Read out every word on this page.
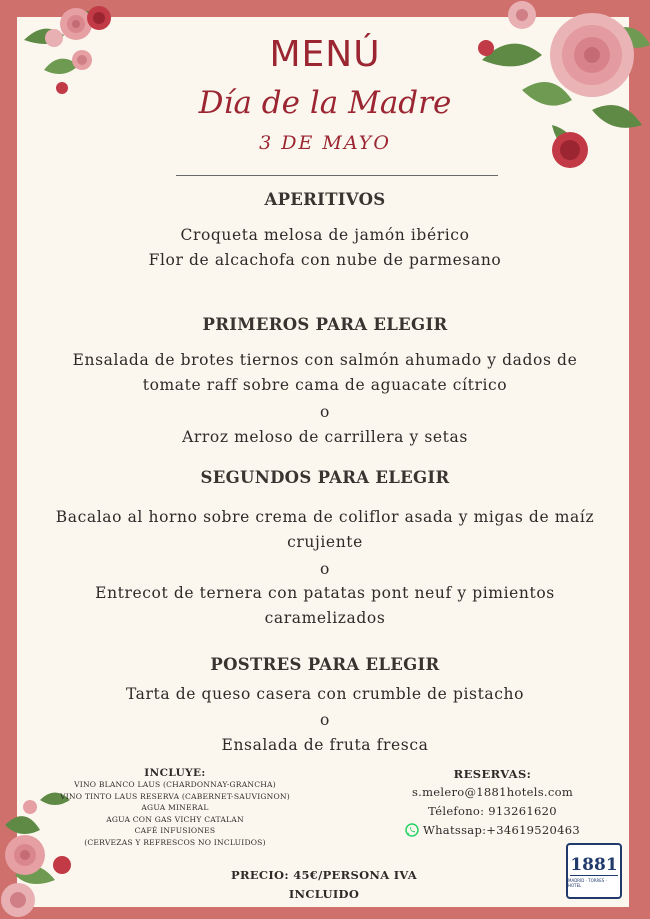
MENÚ
Día de la Madre
3 DE MAYO
APERITIVOS
Croqueta melosa de jamón ibérico
Flor de alcachofa con nube de parmesano
PRIMEROS PARA ELEGIR
Ensalada de brotes tiernos con salmón ahumado y dados de
tomate raff sobre cama de aguacate cítrico
o
Arroz meloso de carrillera y setas
SEGUNDOS PARA ELEGIR
Bacalao al horno sobre crema de coliflor asada y migas de maíz
crujiente
o
Entrecot de ternera con patatas pont neuf y pimientos
caramelizados
POSTRES PARA ELEGIR
Tarta de queso casera con crumble de pistacho
o
Ensalada de fruta fresca
INCLUYE:
VINO BLANCO LAUS (CHARDONNAY-GRANCHA)
VINO TINTO LAUS RESERVA (CABERNET-SAUVIGNON)
AGUA MINERAL
AGUA CON GAS VICHY CATALAN
CAFÉ INFUSIONES
(CERVEZAS Y REFRESCOS NO INCLUIDOS)
RESERVAS:
s.melero@1881hotels.com
Télefono: 913261620
Whatssap:+34619520463
PRECIO: 45€/PERSONA IVA
INCLUIDO
1881
MADRID · TORRES · HOTEL
